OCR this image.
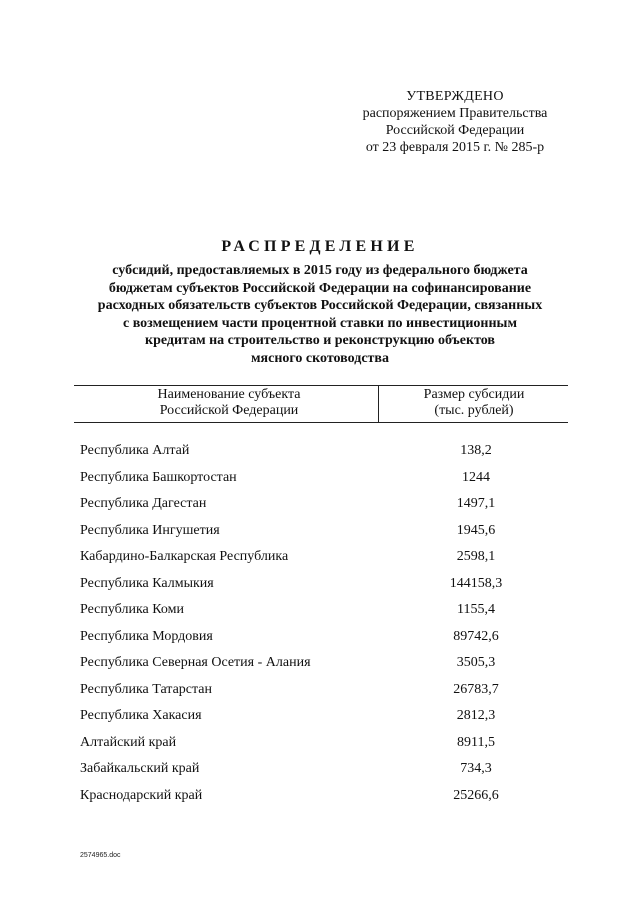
УТВЕРЖДЕНО
распоряжением Правительства
Российской Федерации
от 23 февраля 2015 г. № 285-р
РАСПРЕДЕЛЕНИЕ
субсидий, предоставляемых в 2015 году из федерального бюджета
бюджетам субъектов Российской Федерации на софинансирование
расходных обязательств субъектов Российской Федерации, связанных
с возмещением части процентной ставки по инвестиционным
кредитам на строительство и реконструкцию объектов
мясного скотоводства
Наименование субъекта
Российской Федерации
Размер субсидии
(тыс. рублей)
Республика Алтай	138,2
Республика Башкортостан	1244
Республика Дагестан	1497,1
Республика Ингушетия	1945,6
Кабардино-Балкарская Республика	2598,1
Республика Калмыкия	144158,3
Республика Коми	1155,4
Республика Мордовия	89742,6
Республика Северная Осетия - Алания	3505,3
Республика Татарстан	26783,7
Республика Хакасия	2812,3
Алтайский край	8911,5
Забайкальский край	734,3
Краснодарский край	25266,6
2574965.doc
